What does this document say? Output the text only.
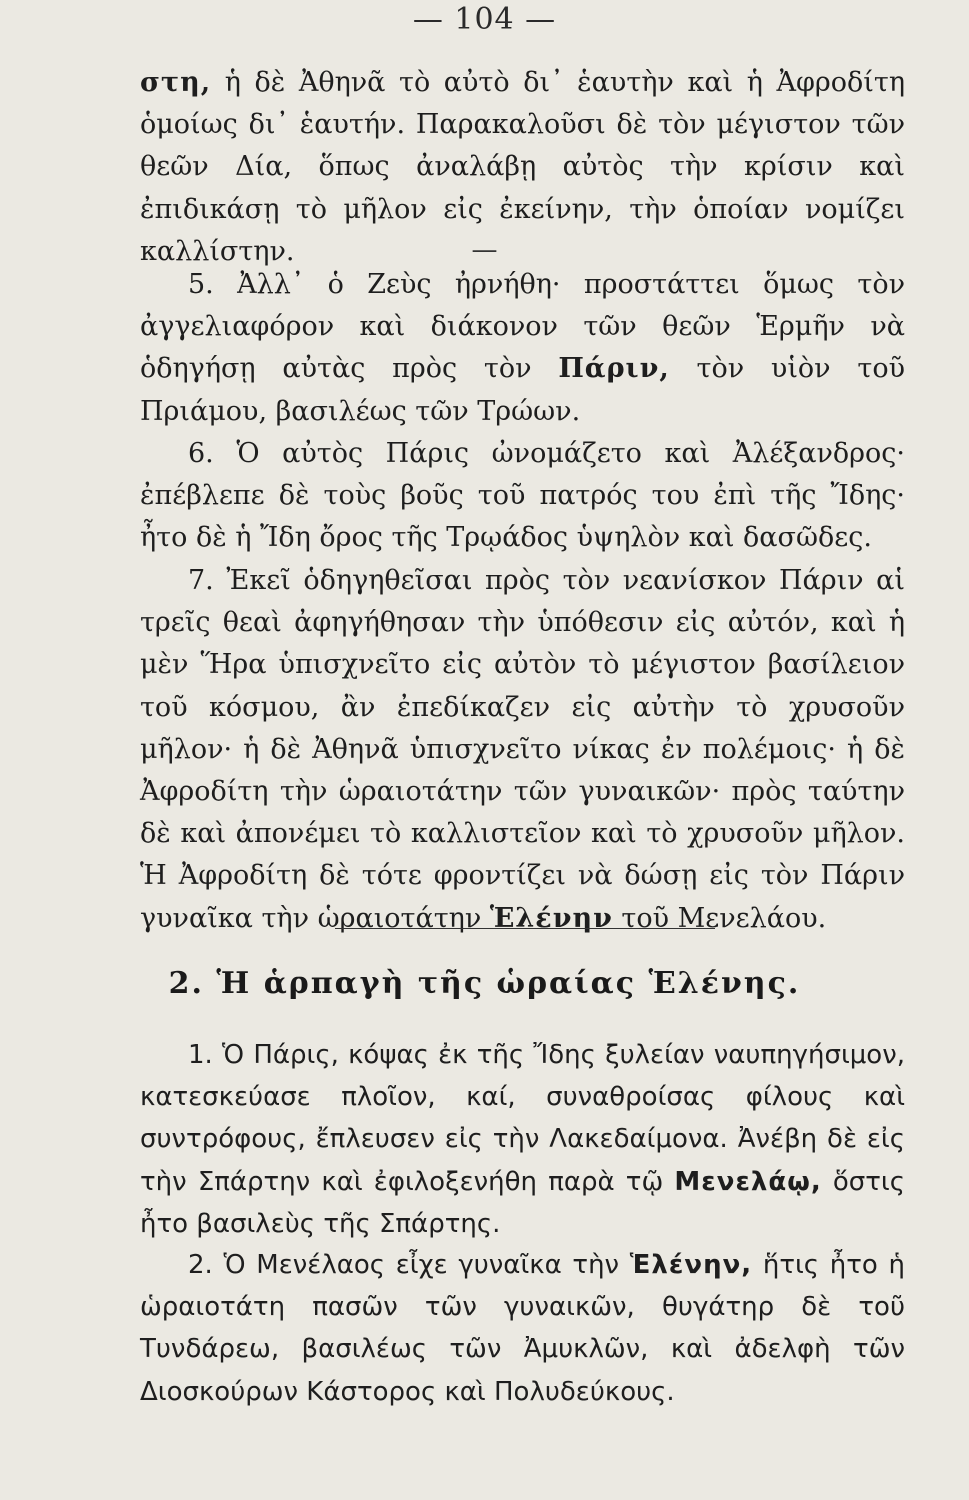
— 104 —

στη, ἡ δὲ Ἀθηνᾶ τὸ αὐτὸ δι᾽ ἑαυτὴν καὶ ἡ Ἀφροδίτη ὁμοίως δι᾽ ἑαυτήν. Παρακαλοῦσι δὲ τὸν μέγιστον τῶν θεῶν Δία, ὅπως ἀναλάβῃ αὐτὸς τὴν κρίσιν καὶ ἐπιδικάσῃ τὸ μῆλον εἰς ἐκείνην, τὴν ὁποίαν νομίζει καλλίστην.	—

5. Ἀλλ᾽ ὁ Ζεὺς ἠρνήθη· προστάττει ὅμως τὸν ἀγγελιαφόρον καὶ διάκονον τῶν θεῶν Ἑρμῆν νὰ ὁδηγήσῃ αὐτὰς πρὸς τὸν Πάριν, τὸν υἱὸν τοῦ Πριάμου, βασιλέως τῶν Τρώων.

6. Ὁ αὐτὸς Πάρις ὠνομάζετο καὶ Ἀλέξανδρος· ἐπέβλεπε δὲ τοὺς βοῦς τοῦ πατρός του ἐπὶ τῆς Ἴδης· ἦτο δὲ ἡ Ἴδη ὄρος τῆς Τρῳάδος ὑψηλὸν καὶ δασῶδες.

7. Ἐκεῖ ὁδηγηθεῖσαι πρὸς τὸν νεανίσκον Πάριν αἱ τρεῖς θεαὶ ἀφηγήθησαν τὴν ὑπόθεσιν εἰς αὐτόν, καὶ ἡ μὲν Ἥρα ὑπισχνεῖτο εἰς αὐτὸν τὸ μέγιστον βασίλειον τοῦ κόσμου, ἂν ἐπεδίκαζεν εἰς αὐτὴν τὸ χρυσοῦν μῆλον· ἡ δὲ Ἀθηνᾶ ὑπισχνεῖτο νίκας ἐν πολέμοις· ἡ δὲ Ἀφροδίτη τὴν ὡραιοτάτην τῶν γυναικῶν· πρὸς ταύτην δὲ καὶ ἀπονέμει τὸ καλλιστεῖον καὶ τὸ χρυσοῦν μῆλον. Ἡ Ἀφροδίτη δὲ τότε φροντίζει νὰ δώσῃ εἰς τὸν Πάριν γυναῖκα τὴν ὡραιοτάτην Ἑλένην τοῦ Μενελάου.

2. Ἡ ἁρπαγὴ τῆς ὡραίας Ἑλένης.

1. Ὁ Πάρις, κόψας ἐκ τῆς Ἴδης ξυλείαν ναυπηγήσιμον, κατεσκεύασε πλοῖον, καί, συναθροίσας φίλους καὶ συντρόφους, ἔπλευσεν εἰς τὴν Λακεδαίμονα. Ἀνέβη δὲ εἰς τὴν Σπάρτην καὶ ἐφιλοξενήθη παρὰ τῷ Μενελάῳ, ὅστις ἦτο βασιλεὺς τῆς Σπάρτης.

2. Ὁ Μενέλαος εἶχε γυναῖκα τὴν Ἑλένην, ἥτις ἦτο ἡ ὡραιοτάτη πασῶν τῶν γυναικῶν, θυγάτηρ δὲ τοῦ Τυνδάρεω, βασιλέως τῶν Ἀμυκλῶν, καὶ ἀδελφὴ τῶν Διοσκούρων Κάστορος καὶ Πολυδεύκους.
